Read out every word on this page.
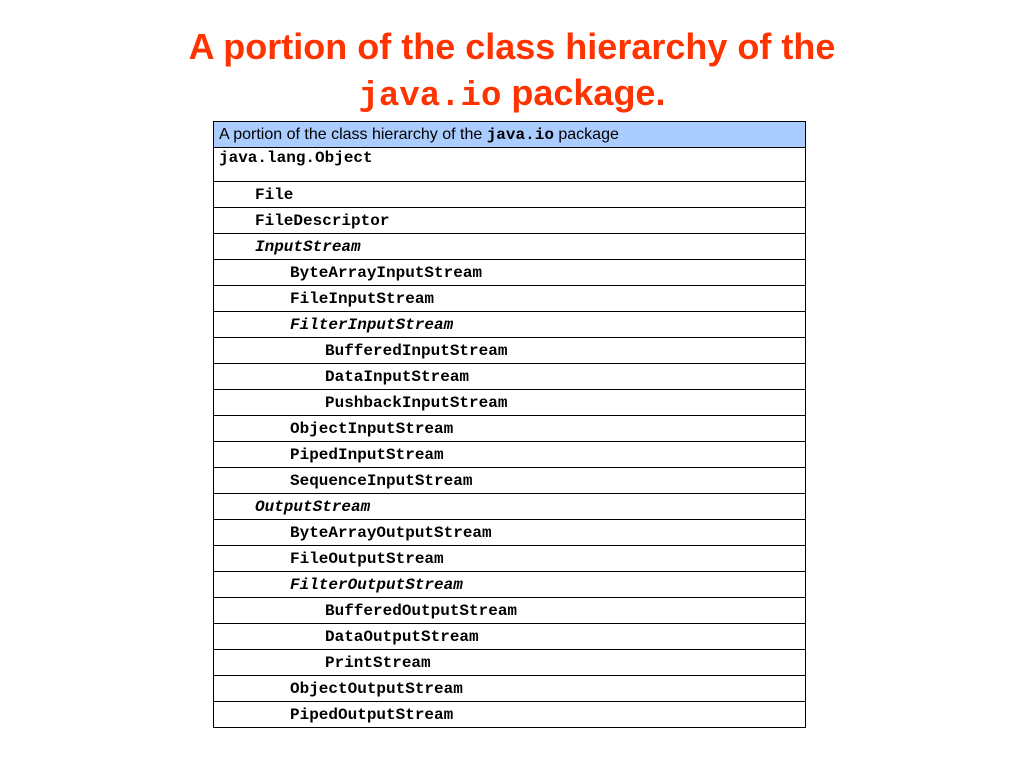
A portion of the class hierarchy of the
java.io package.
A portion of the class hierarchy of the java.io package
java.lang.Object
File
FileDescriptor
InputStream
ByteArrayInputStream
FileInputStream
FilterInputStream
BufferedInputStream
DataInputStream
PushbackInputStream
ObjectInputStream
PipedInputStream
SequenceInputStream
OutputStream
ByteArrayOutputStream
FileOutputStream
FilterOutputStream
BufferedOutputStream
DataOutputStream
PrintStream
ObjectOutputStream
PipedOutputStream
